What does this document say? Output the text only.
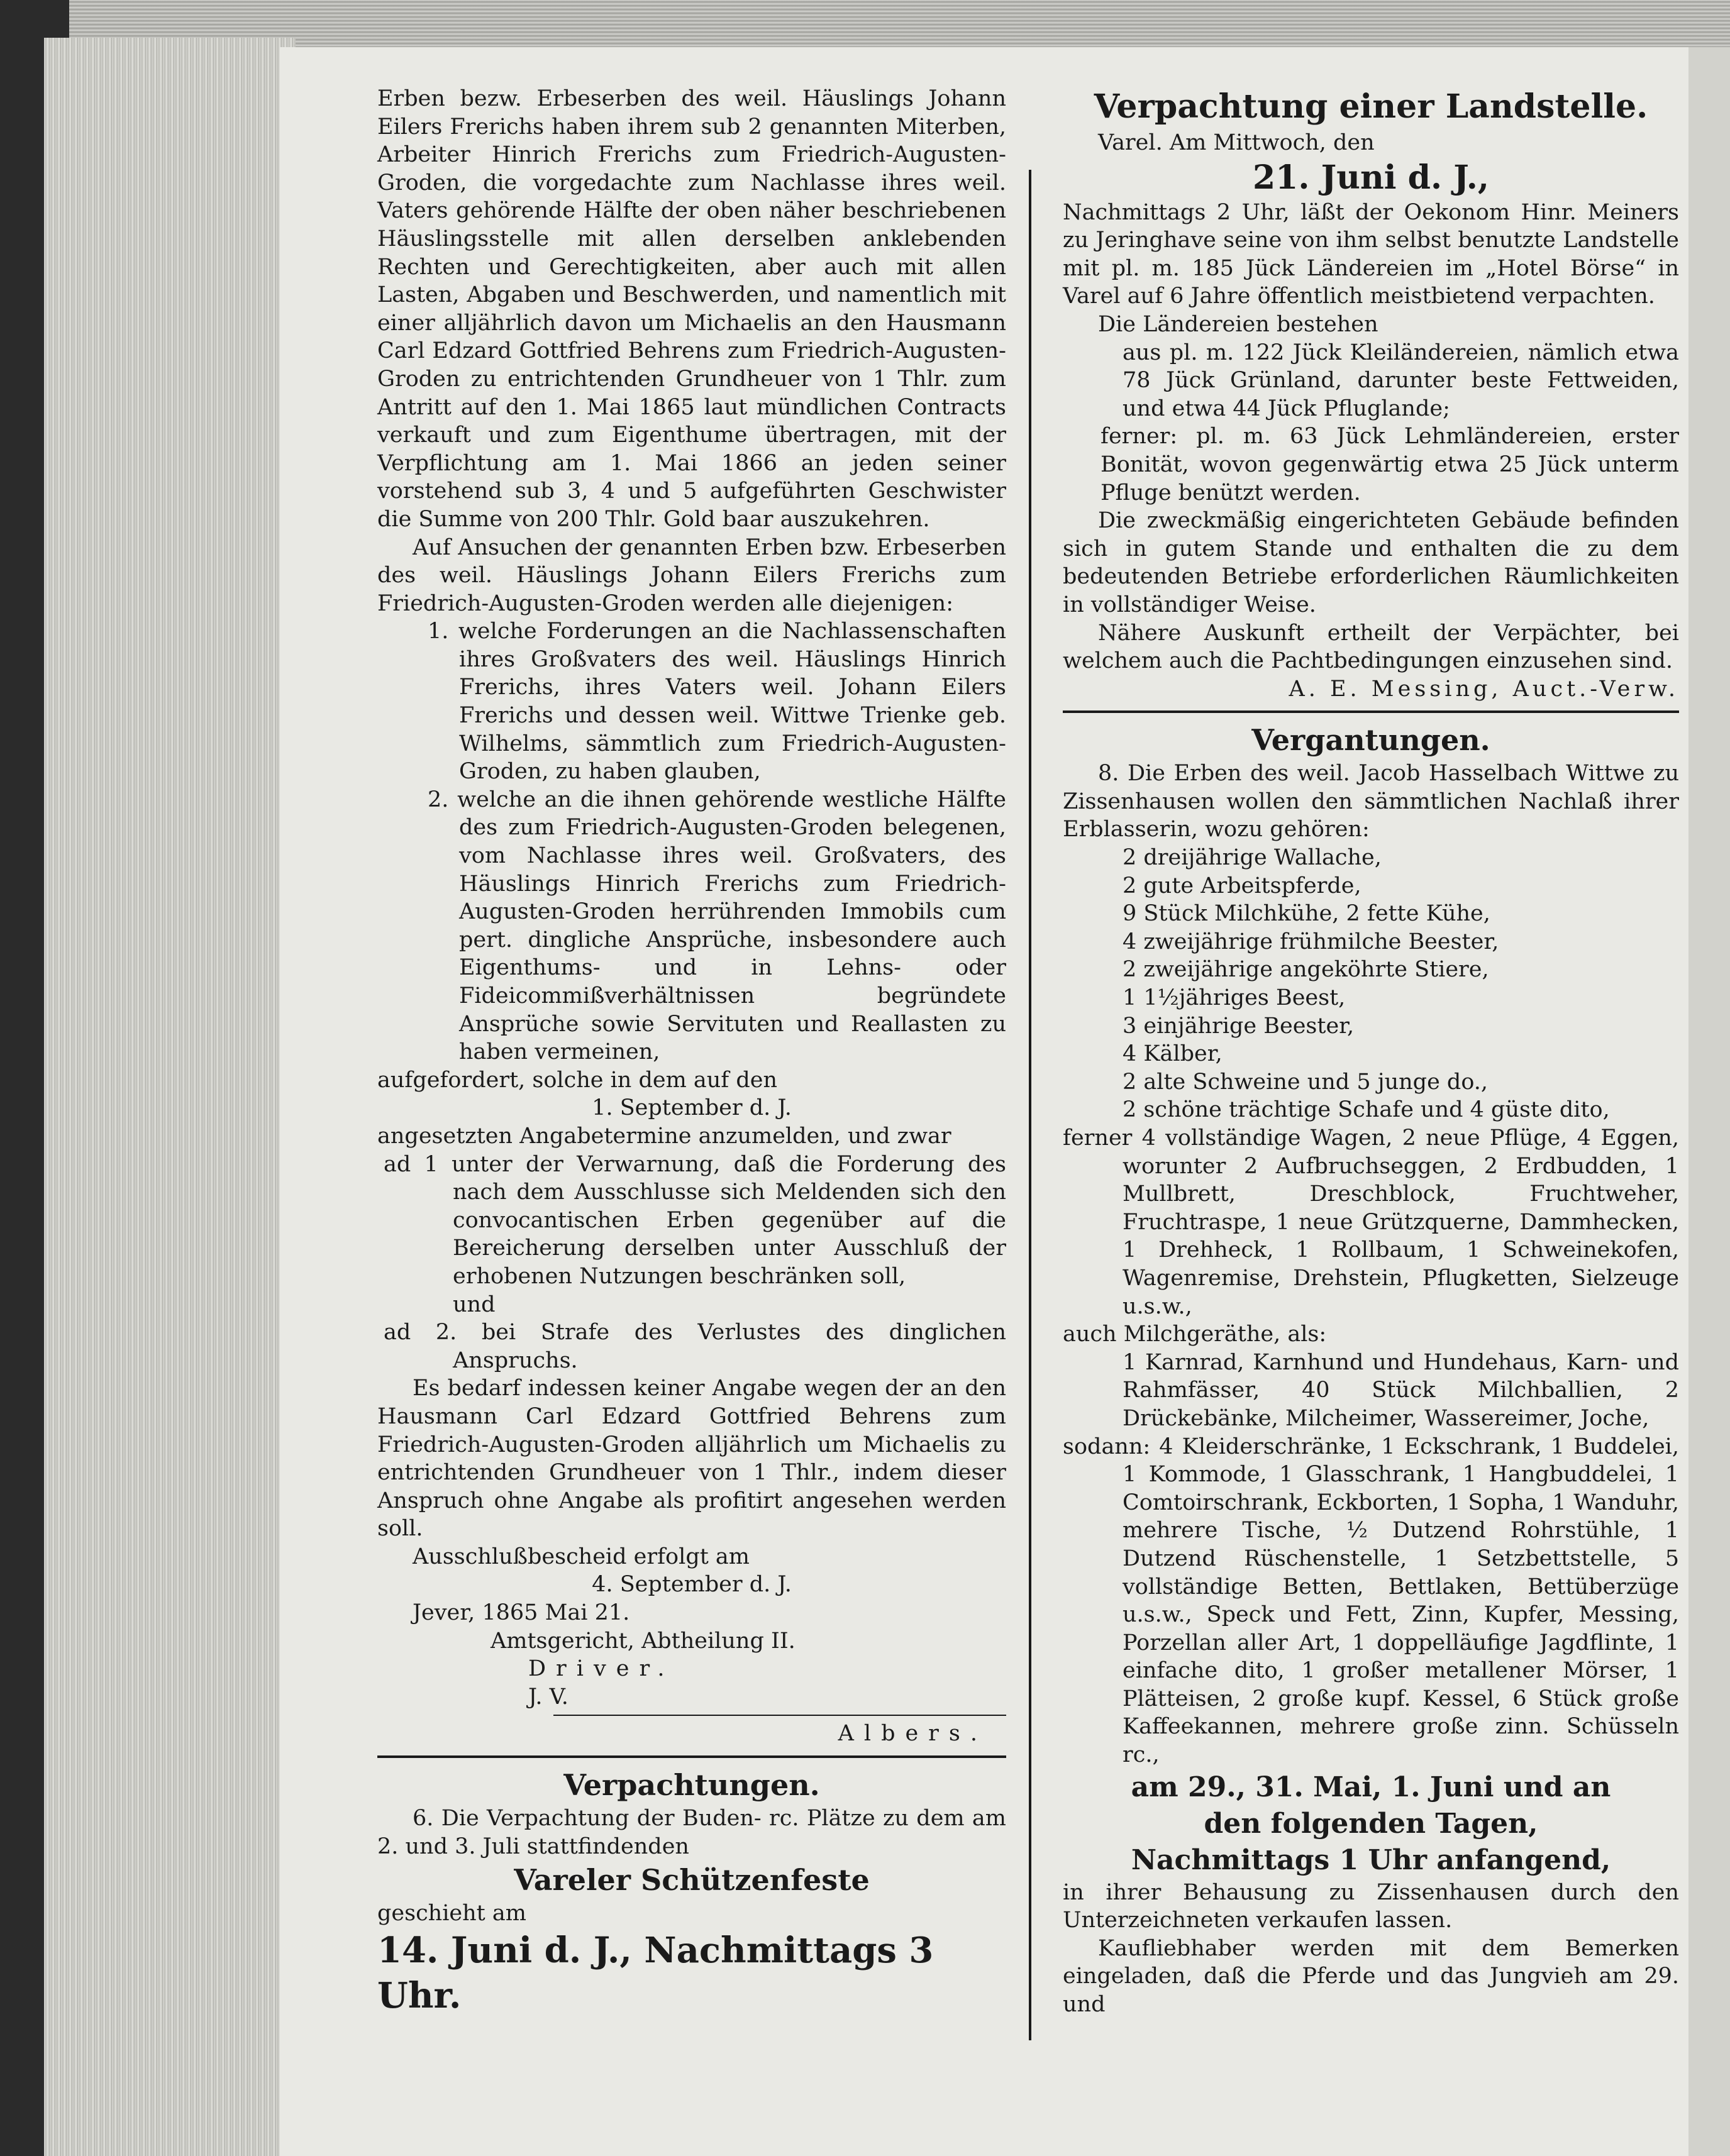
Erben bezw. Erbeserben des weil. Häuslings Johann Eilers Frerichs haben ihrem sub 2 genannten Miterben, Arbeiter Hinrich Frerichs zum Friedrich-Augusten-Groden, die vorgedachte zum Nachlasse ihres weil. Vaters gehörende Hälfte der oben näher beschriebenen Häuslingsstelle mit allen derselben anklebenden Rechten und Gerechtigkeiten, aber auch mit allen Lasten, Abgaben und Beschwerden, und namentlich mit einer alljährlich davon um Michaelis an den Hausmann Carl Edzard Gottfried Behrens zum Friedrich-Augusten-Groden zu entrichtenden Grundheuer von 1 Thlr. zum Antritt auf den 1. Mai 1865 laut mündlichen Contracts verkauft und zum Eigenthume übertragen, mit der Verpflichtung am 1. Mai 1866 an jeden seiner vorstehend sub 3, 4 und 5 aufgeführten Geschwister die Summe von 200 Thlr. Gold baar auszukehren.

Auf Ansuchen der genannten Erben bzw. Erbeserben des weil. Häuslings Johann Eilers Frerichs zum Friedrich-Augusten-Groden werden alle diejenigen:

1. welche Forderungen an die Nachlassenschaften ihres Großvaters des weil. Häuslings Hinrich Frerichs, ihres Vaters weil. Johann Eilers Frerichs und dessen weil. Wittwe Trienke geb. Wilhelms, sämmtlich zum Friedrich-Augusten-Groden, zu haben glauben,

2. welche an die ihnen gehörende westliche Hälfte des zum Friedrich-Augusten-Groden belegenen, vom Nachlasse ihres weil. Großvaters, des Häuslings Hinrich Frerichs zum Friedrich-Augusten-Groden herrührenden Immobils cum pert. dingliche Ansprüche, insbesondere auch Eigenthums- und in Lehns- oder Fideicommißverhältnissen begründete Ansprüche sowie Servituten und Reallasten zu haben vermeinen,

aufgefordert, solche in dem auf den

1. September d. J.

angesetzten Angabetermine anzumelden, und zwar

ad 1 unter der Verwarnung, daß die Forderung des nach dem Ausschlusse sich Meldenden sich den convocantischen Erben gegenüber auf die Bereicherung derselben unter Ausschluß der erhobenen Nutzungen beschränken soll,

und

ad 2. bei Strafe des Verlustes des dinglichen Anspruchs.

Es bedarf indessen keiner Angabe wegen der an den Hausmann Carl Edzard Gottfried Behrens zum Friedrich-Augusten-Groden alljährlich um Michaelis zu entrichtenden Grundheuer von 1 Thlr., indem dieser Anspruch ohne Angabe als profitirt angesehen werden soll.

Ausschlußbescheid erfolgt am

4. September d. J.

Jever, 1865 Mai 21.

Amtsgericht, Abtheilung II.

Driver.

J. V.

Albers.

Verpachtungen.

6. Die Verpachtung der Buden- rc. Plätze zu dem am 2. und 3. Juli stattfindenden

Vareler Schützenfeste

geschieht am

14. Juni d. J., Nachmittags 3 Uhr.

Verpachtung einer Landstelle.

Varel. Am Mittwoch, den

21. Juni d. J.,

Nachmittags 2 Uhr, läßt der Oekonom Hinr. Meiners zu Jeringhave seine von ihm selbst benutzte Landstelle mit pl. m. 185 Jück Ländereien im „Hotel Börse“ in Varel auf 6 Jahre öffentlich meistbietend verpachten.

Die Ländereien bestehen

aus pl. m. 122 Jück Kleiländereien, nämlich etwa 78 Jück Grünland, darunter beste Fettweiden, und etwa 44 Jück Pfluglande;

ferner: pl. m. 63 Jück Lehmländereien, erster Bonität, wovon gegenwärtig etwa 25 Jück unterm Pfluge benützt werden.

Die zweckmäßig eingerichteten Gebäude befinden sich in gutem Stande und enthalten die zu dem bedeutenden Betriebe erforderlichen Räumlichkeiten in vollständiger Weise.

Nähere Auskunft ertheilt der Verpächter, bei welchem auch die Pachtbedingungen einzusehen sind.

A. E. Messing, Auct.-Verw.

Vergantungen.

8. Die Erben des weil. Jacob Hasselbach Wittwe zu Zissenhausen wollen den sämmtlichen Nachlaß ihrer Erblasserin, wozu gehören:

2 dreijährige Wallache,
2 gute Arbeitspferde,
9 Stück Milchkühe, 2 fette Kühe,
4 zweijährige frühmilche Beester,
2 zweijährige angeköhrte Stiere,
1 1½jähriges Beest,
3 einjährige Beester,
4 Kälber,
2 alte Schweine und 5 junge do.,
2 schöne trächtige Schafe und 4 güste dito,

ferner 4 vollständige Wagen, 2 neue Pflüge, 4 Eggen, worunter 2 Aufbruchseggen, 2 Erdbudden, 1 Mullbrett, Dreschblock, Fruchtweher, Fruchtraspe, 1 neue Grützquerne, Dammhecken, 1 Drehheck, 1 Rollbaum, 1 Schweinekofen, Wagenremise, Drehstein, Pflugketten, Sielzeuge u.s.w.,

auch Milchgeräthe, als:

1 Karnrad, Karnhund und Hundehaus, Karn- und Rahmfässer, 40 Stück Milchballien, 2 Drückebänke, Milcheimer, Wassereimer, Joche,

sodann: 4 Kleiderschränke, 1 Eckschrank, 1 Buddelei, 1 Kommode, 1 Glasschrank, 1 Hangbuddelei, 1 Comtoirschrank, Eckborten, 1 Sopha, 1 Wanduhr, mehrere Tische, ½ Dutzend Rohrstühle, 1 Dutzend Rüschenstelle, 1 Setzbettstelle, 5 vollständige Betten, Bettlaken, Bettüberzüge u.s.w., Speck und Fett, Zinn, Kupfer, Messing, Porzellan aller Art, 1 doppelläufige Jagdflinte, 1 einfache dito, 1 großer metallener Mörser, 1 Plätteisen, 2 große kupf. Kessel, 6 Stück große Kaffeekannen, mehrere große zinn. Schüsseln rc.,

am 29., 31. Mai, 1. Juni und an

den folgenden Tagen,

Nachmittags 1 Uhr anfangend,

in ihrer Behausung zu Zissenhausen durch den Unterzeichneten verkaufen lassen.

Kaufliebhaber werden mit dem Bemerken eingeladen, daß die Pferde und das Jungvieh am 29. und
